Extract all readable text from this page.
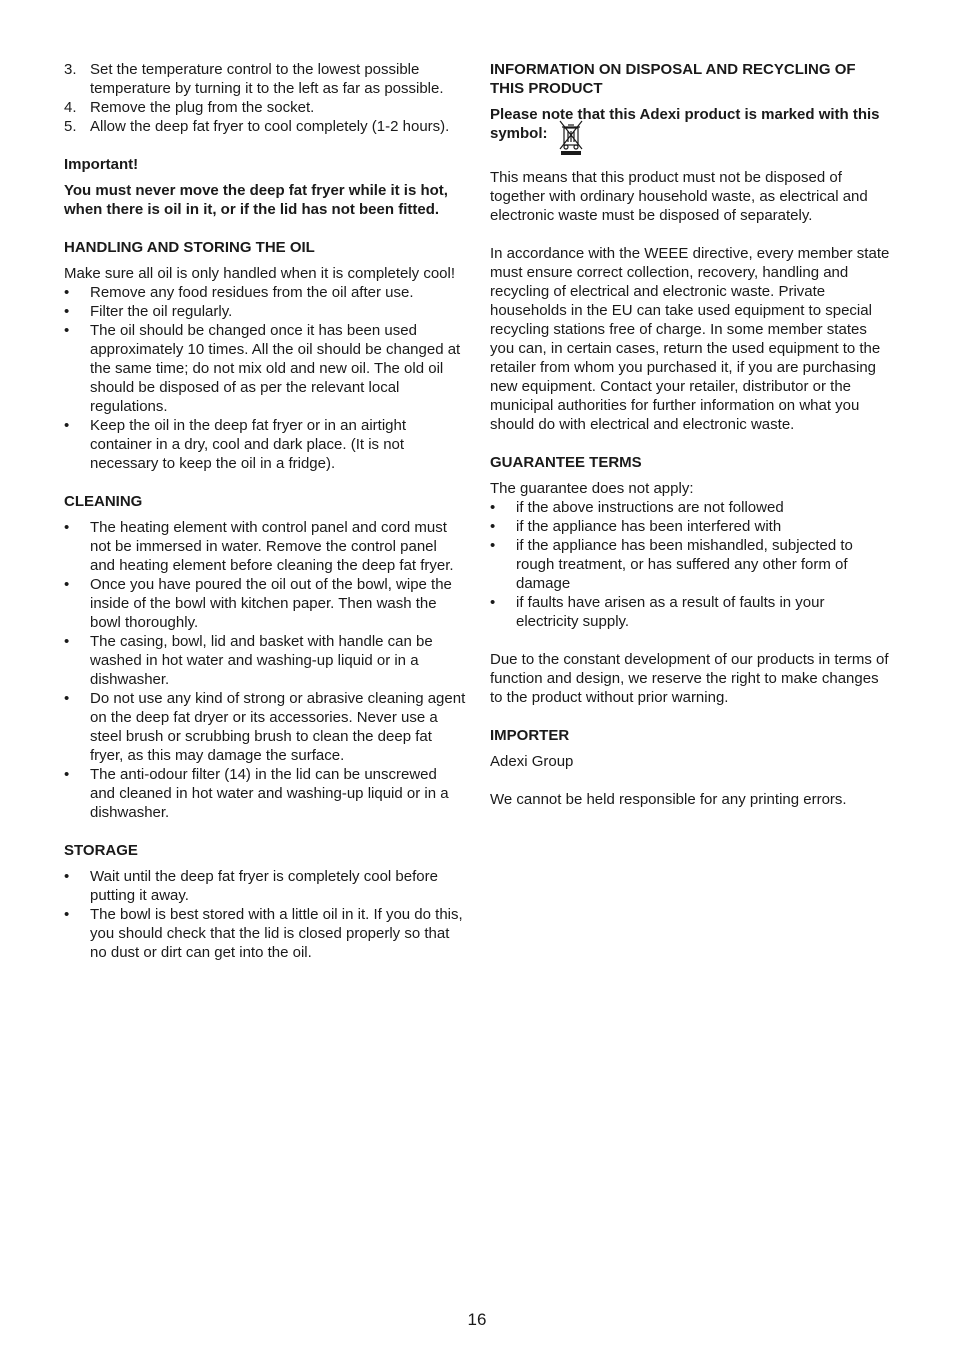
3. Set the temperature control to the lowest possible temperature by turning it to the left as far as possible.
4. Remove the plug from the socket.
5. Allow the deep fat fryer to cool completely (1-2 hours).

Important!

You must never move the deep fat fryer while it is hot, when there is oil in it, or if the lid has not been fitted.

HANDLING AND STORING THE OIL

Make sure all oil is only handled when it is completely cool!

• Remove any food residues from the oil after use.
• Filter the oil regularly.
• The oil should be changed once it has been used approximately 10 times. All the oil should be changed at the same time; do not mix old and new oil. The old oil should be disposed of as per the relevant local regulations.
• Keep the oil in the deep fat fryer or in an airtight container in a dry, cool and dark place. (It is not necessary to keep the oil in a fridge).

CLEANING

• The heating element with control panel and cord must not be immersed in water. Remove the control panel and heating element before cleaning the deep fat fryer.
• Once you have poured the oil out of the bowl, wipe the inside of the bowl with kitchen paper. Then wash the bowl thoroughly.
• The casing, bowl, lid and basket with handle can be washed in hot water and washing-up liquid or in a dishwasher.
• Do not use any kind of strong or abrasive cleaning agent on the deep fat dryer or its accessories. Never use a steel brush or scrubbing brush to clean the deep fat fryer, as this may damage the surface.
• The anti-odour filter (14) in the lid can be unscrewed and cleaned in hot water and washing-up liquid or in a dishwasher.

STORAGE

• Wait until the deep fat fryer is completely cool before putting it away.
• The bowl is best stored with a little oil in it. If you do this, you should check that the lid is closed properly so that no dust or dirt can get into the oil.

INFORMATION ON DISPOSAL AND RECYCLING OF THIS PRODUCT

Please note that this Adexi product is marked with this symbol:

This means that this product must not be disposed of together with ordinary household waste, as electrical and electronic waste must be disposed of separately.

In accordance with the WEEE directive, every member state must ensure correct collection, recovery, handling and recycling of electrical and electronic waste. Private households in the EU can take used equipment to special recycling stations free of charge. In some member states you can, in certain cases, return the used equipment to the retailer from whom you purchased it, if you are purchasing new equipment. Contact your retailer, distributor or the municipal authorities for further information on what you should do with electrical and electronic waste.

GUARANTEE TERMS

The guarantee does not apply:

• if the above instructions are not followed
• if the appliance has been interfered with
• if the appliance has been mishandled, subjected to rough treatment, or has suffered any other form of damage
• if faults have arisen as a result of faults in your electricity supply.

Due to the constant development of our products in terms of function and design, we reserve the right to make changes to the product without prior warning.

IMPORTER

Adexi Group

We cannot be held responsible for any printing errors.

16
